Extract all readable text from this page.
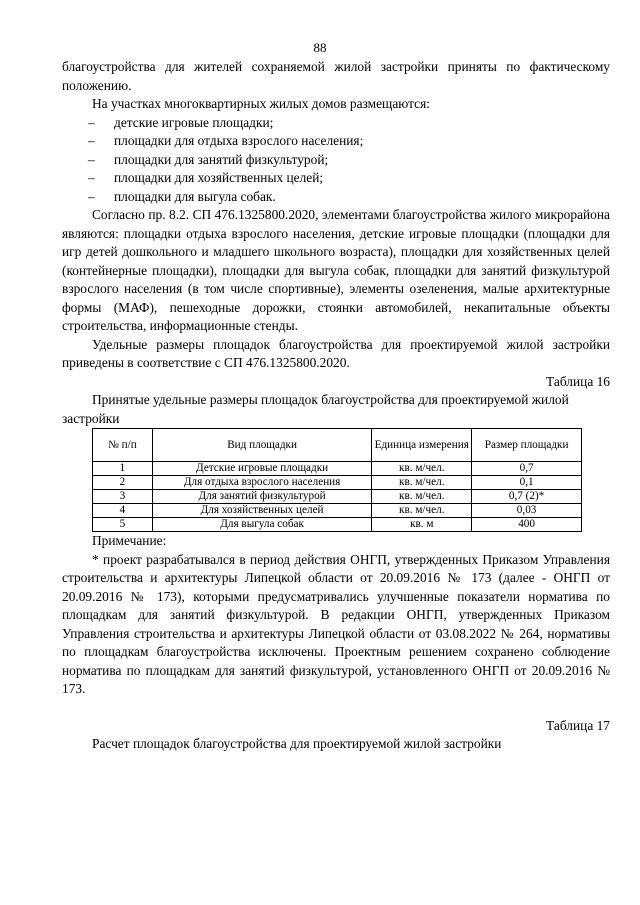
88

благоустройства для жителей сохраняемой жилой застройки приняты по фактическому положению.

На участках многоквартирных жилых домов размещаются:

– детские игровые площадки;
– площадки для отдыха взрослого населения;
– площадки для занятий физкультурой;
– площадки для хозяйственных целей;
– площадки для выгула собак.

Согласно пр. 8.2. СП 476.1325800.2020, элементами благоустройства жилого микрорайона являются: площадки отдыха взрослого населения, детские игровые площадки (площадки для игр детей дошкольного и младшего школьного возраста), площадки для хозяйственных целей (контейнерные площадки), площадки для выгула собак, площадки для занятий физкультурой взрослого населения (в том числе спортивные), элементы озеленения, малые архитектурные формы (МАФ), пешеходные дорожки, стоянки автомобилей, некапитальные объекты строительства, информационные стенды.

Удельные размеры площадок благоустройства для проектируемой жилой застройки приведены в соответствие с СП 476.1325800.2020.

Таблица 16

Принятые удельные размеры площадок благоустройства для проектируемой жилой застройки

№ п/п	Вид площадки	Единица измерения	Размер площадки
1	Детские игровые площадки	кв. м/чел.	0,7
2	Для отдыха взрослого населения	кв. м/чел.	0,1
3	Для занятий физкультурой	кв. м/чел.	0,7 (2)*
4	Для хозяйственных целей	кв. м/чел.	0,03
5	Для выгула собак	кв. м	400

Примечание:

* проект разрабатывался в период действия ОНГП, утвержденных Приказом Управления строительства и архитектуры Липецкой области от 20.09.2016 № 173 (далее - ОНГП от 20.09.2016 № 173), которыми предусматривались улучшенные показатели норматива по площадкам для занятий физкультурой. В редакции ОНГП, утвержденных Приказом Управления строительства и архитектуры Липецкой области от 03.08.2022 № 264, нормативы по площадкам благоустройства исключены. Проектным решением сохранено соблюдение норматива по площадкам для занятий физкультурой, установленного ОНГП от 20.09.2016 № 173.

Таблица 17

Расчет площадок благоустройства для проектируемой жилой застройки
